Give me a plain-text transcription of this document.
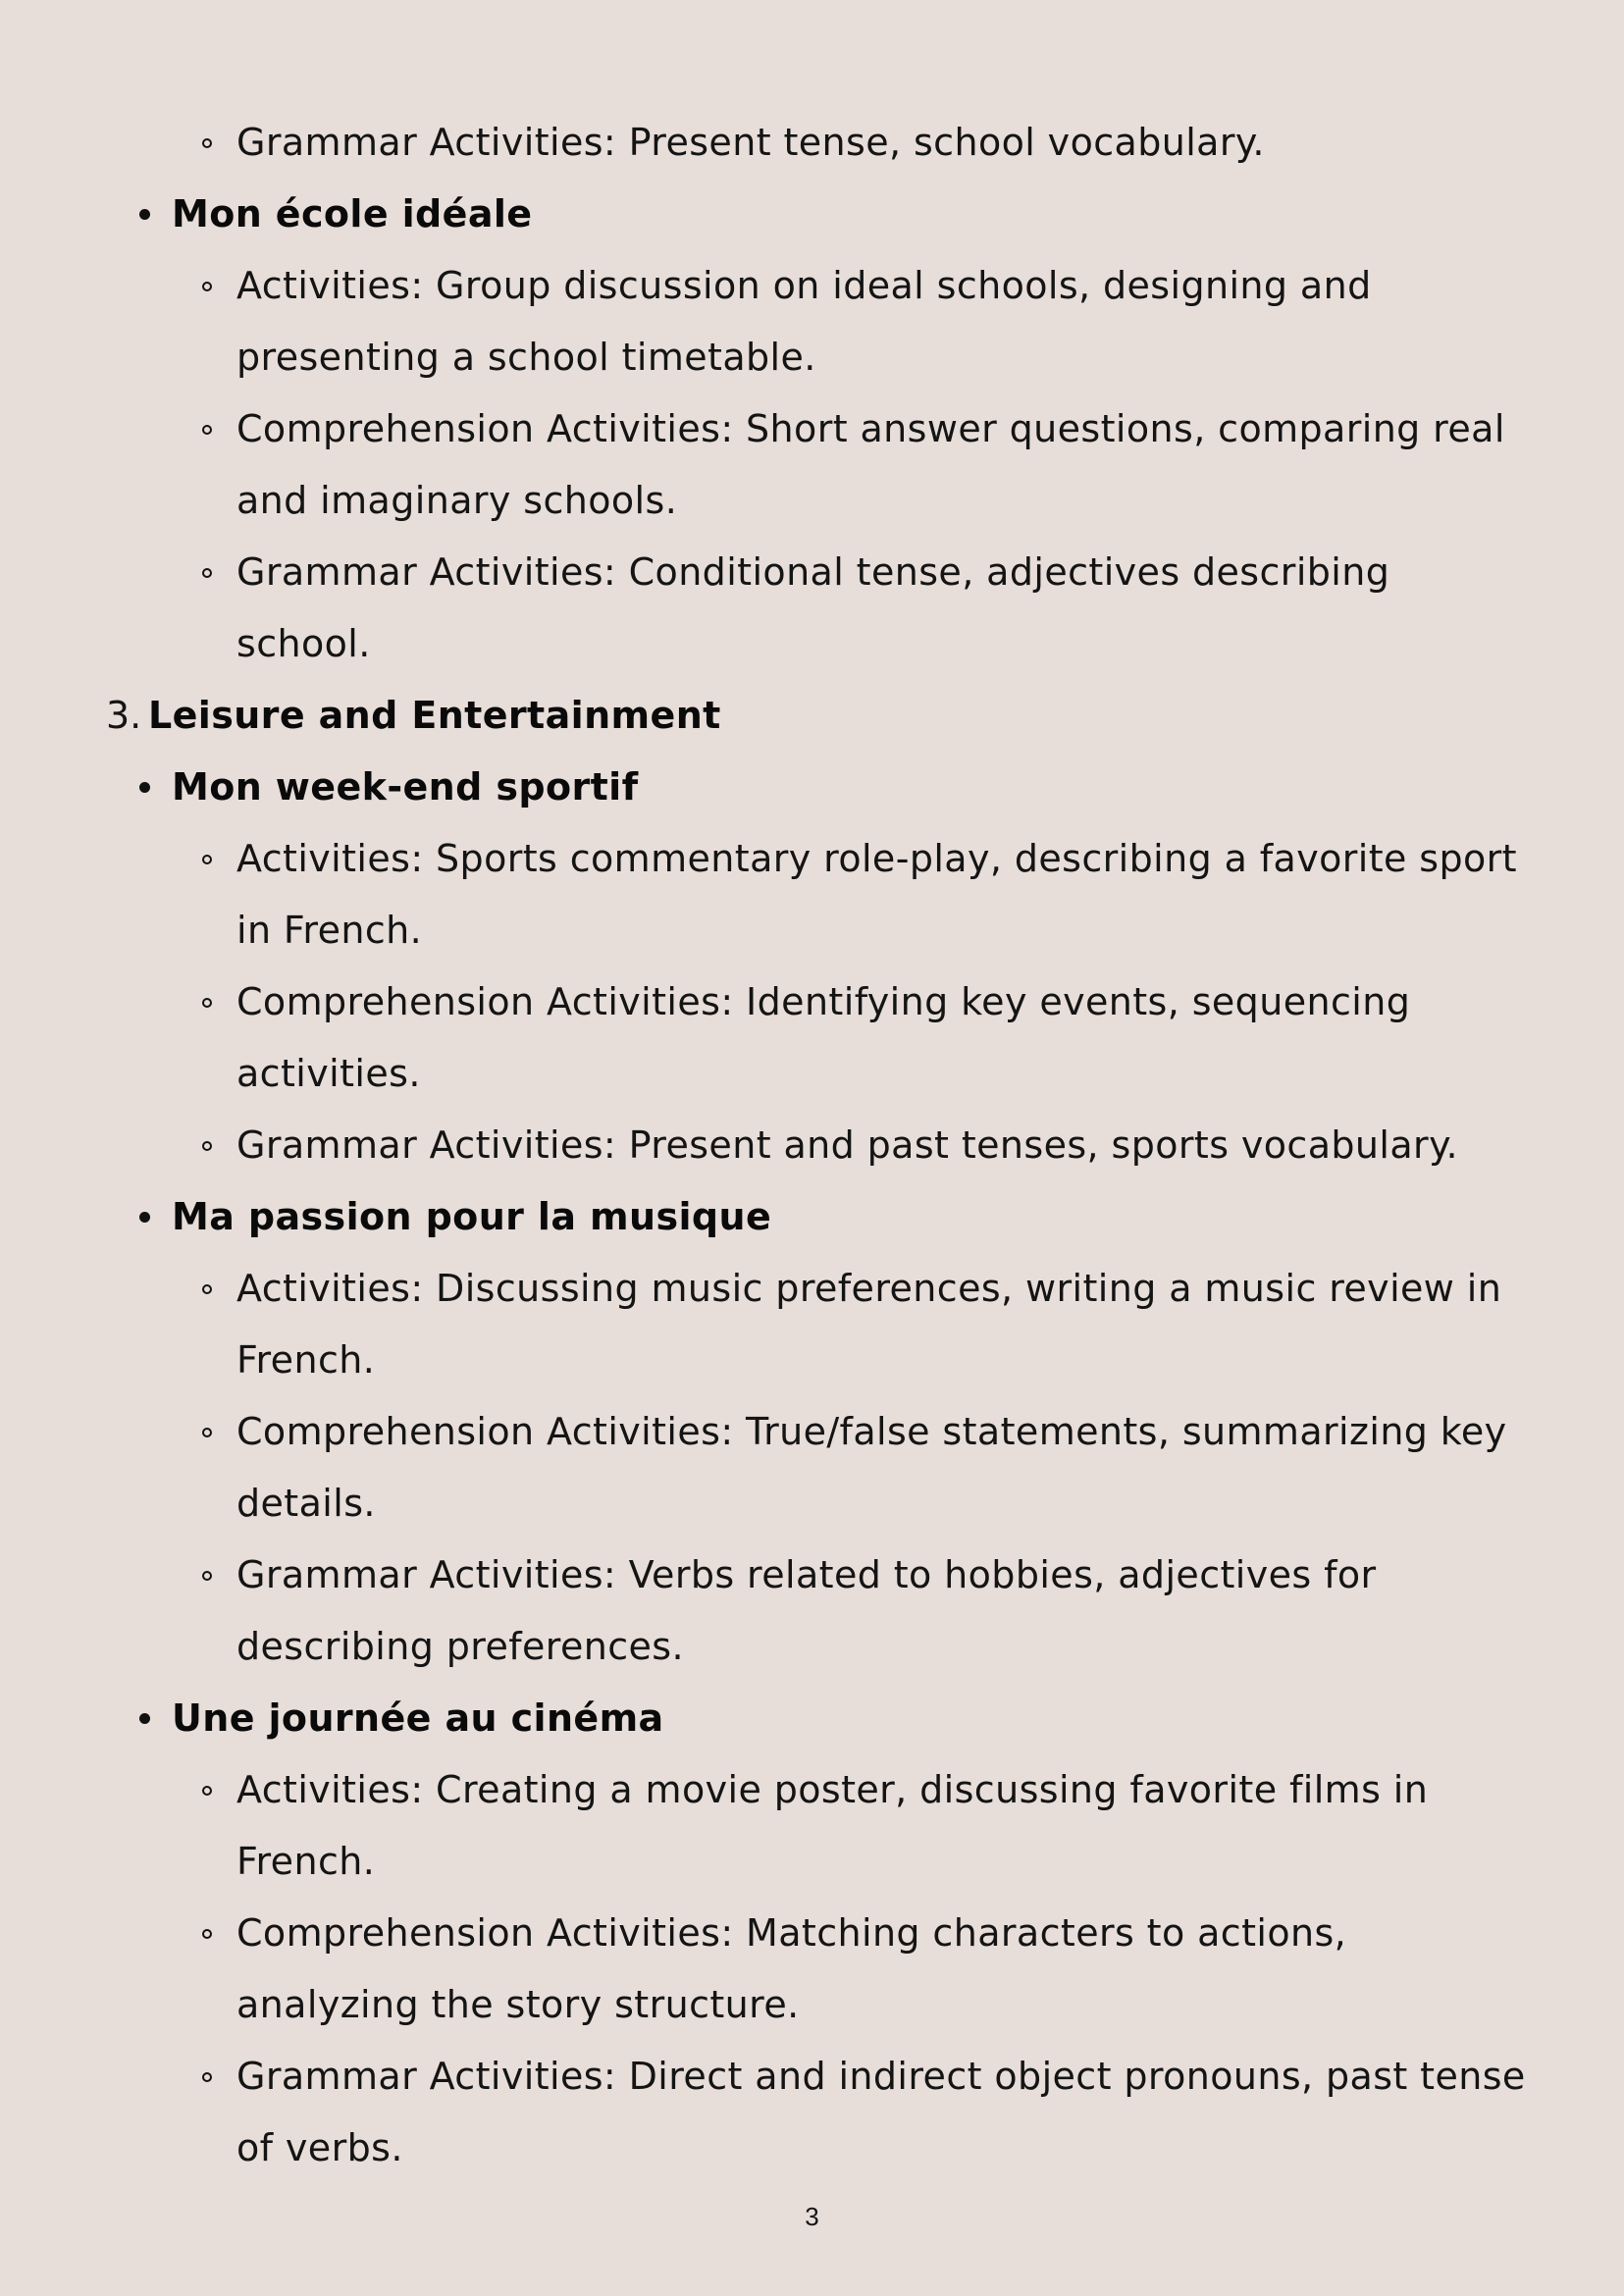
Grammar Activities: Present tense, school vocabulary.
Mon école idéale
Activities: Group discussion on ideal schools, designing and
presenting a school timetable.
Comprehension Activities: Short answer questions, comparing real
and imaginary schools.
Grammar Activities: Conditional tense, adjectives describing
school.
3. Leisure and Entertainment
Mon week-end sportif
Activities: Sports commentary role-play, describing a favorite sport
in French.
Comprehension Activities: Identifying key events, sequencing
activities.
Grammar Activities: Present and past tenses, sports vocabulary.
Ma passion pour la musique
Activities: Discussing music preferences, writing a music review in
French.
Comprehension Activities: True/false statements, summarizing key
details.
Grammar Activities: Verbs related to hobbies, adjectives for
describing preferences.
Une journée au cinéma
Activities: Creating a movie poster, discussing favorite films in
French.
Comprehension Activities: Matching characters to actions,
analyzing the story structure.
Grammar Activities: Direct and indirect object pronouns, past tense
of verbs.
3
